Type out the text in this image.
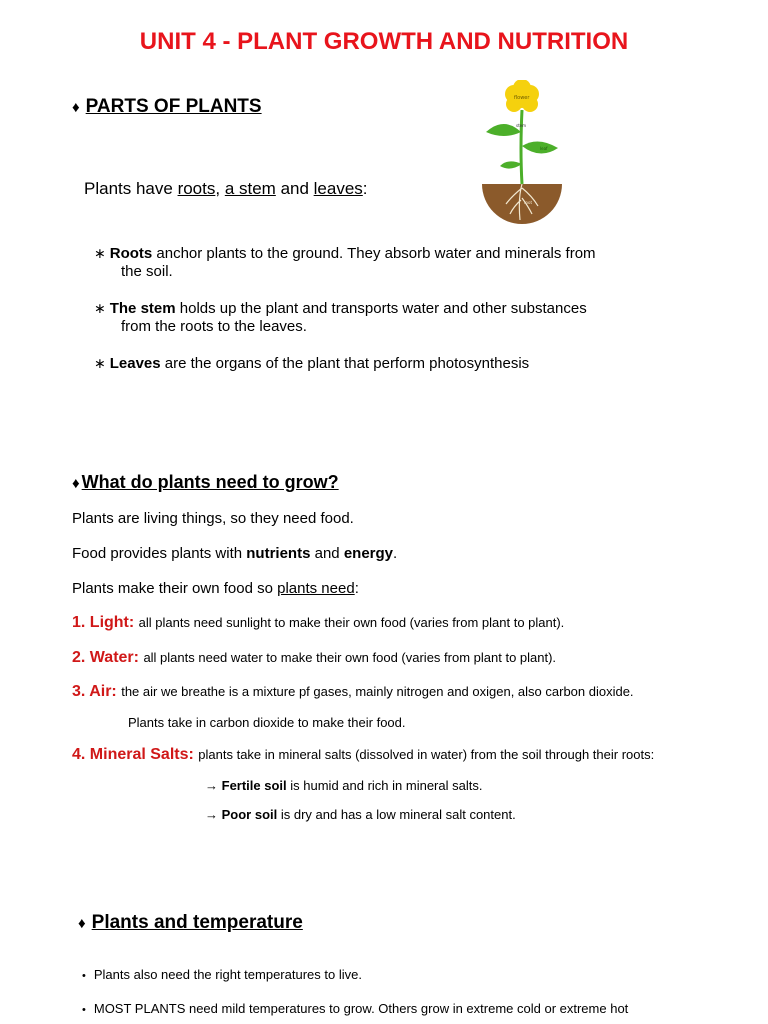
UNIT 4 - PLANT GROWTH AND NUTRITION
♦ PARTS OF PLANTS
Plants have roots, a stem and leaves:
flower
stem
leaf
root
∗ Roots anchor plants to the ground. They absorb water and minerals from
the soil.
∗ The stem holds up the plant and transports water and other substances
from the roots to the leaves.
∗ Leaves are the organs of the plant that perform photosynthesis
♦ What do plants need to grow?
Plants are living things, so they need food.
Food provides plants with nutrients and energy.
Plants make their own food so plants need:
1. Light: all plants need sunlight to make their own food (varies from plant to plant).
2. Water: all plants need water to make their own food (varies from plant to plant).
3. Air: the air we breathe is a mixture pf gases, mainly nitrogen and oxigen, also carbon dioxide.
Plants take in carbon dioxide to make their food.
4. Mineral Salts: plants take in mineral salts (dissolved in water) from the soil through their roots:
→ Fertile soil is humid and rich in mineral salts.
→ Poor soil is dry and has a low mineral salt content.
♦ Plants and temperature
• Plants also need the right temperatures to live.
• MOST PLANTS need mild temperatures to grow. Others grow in extreme cold or extreme hot
